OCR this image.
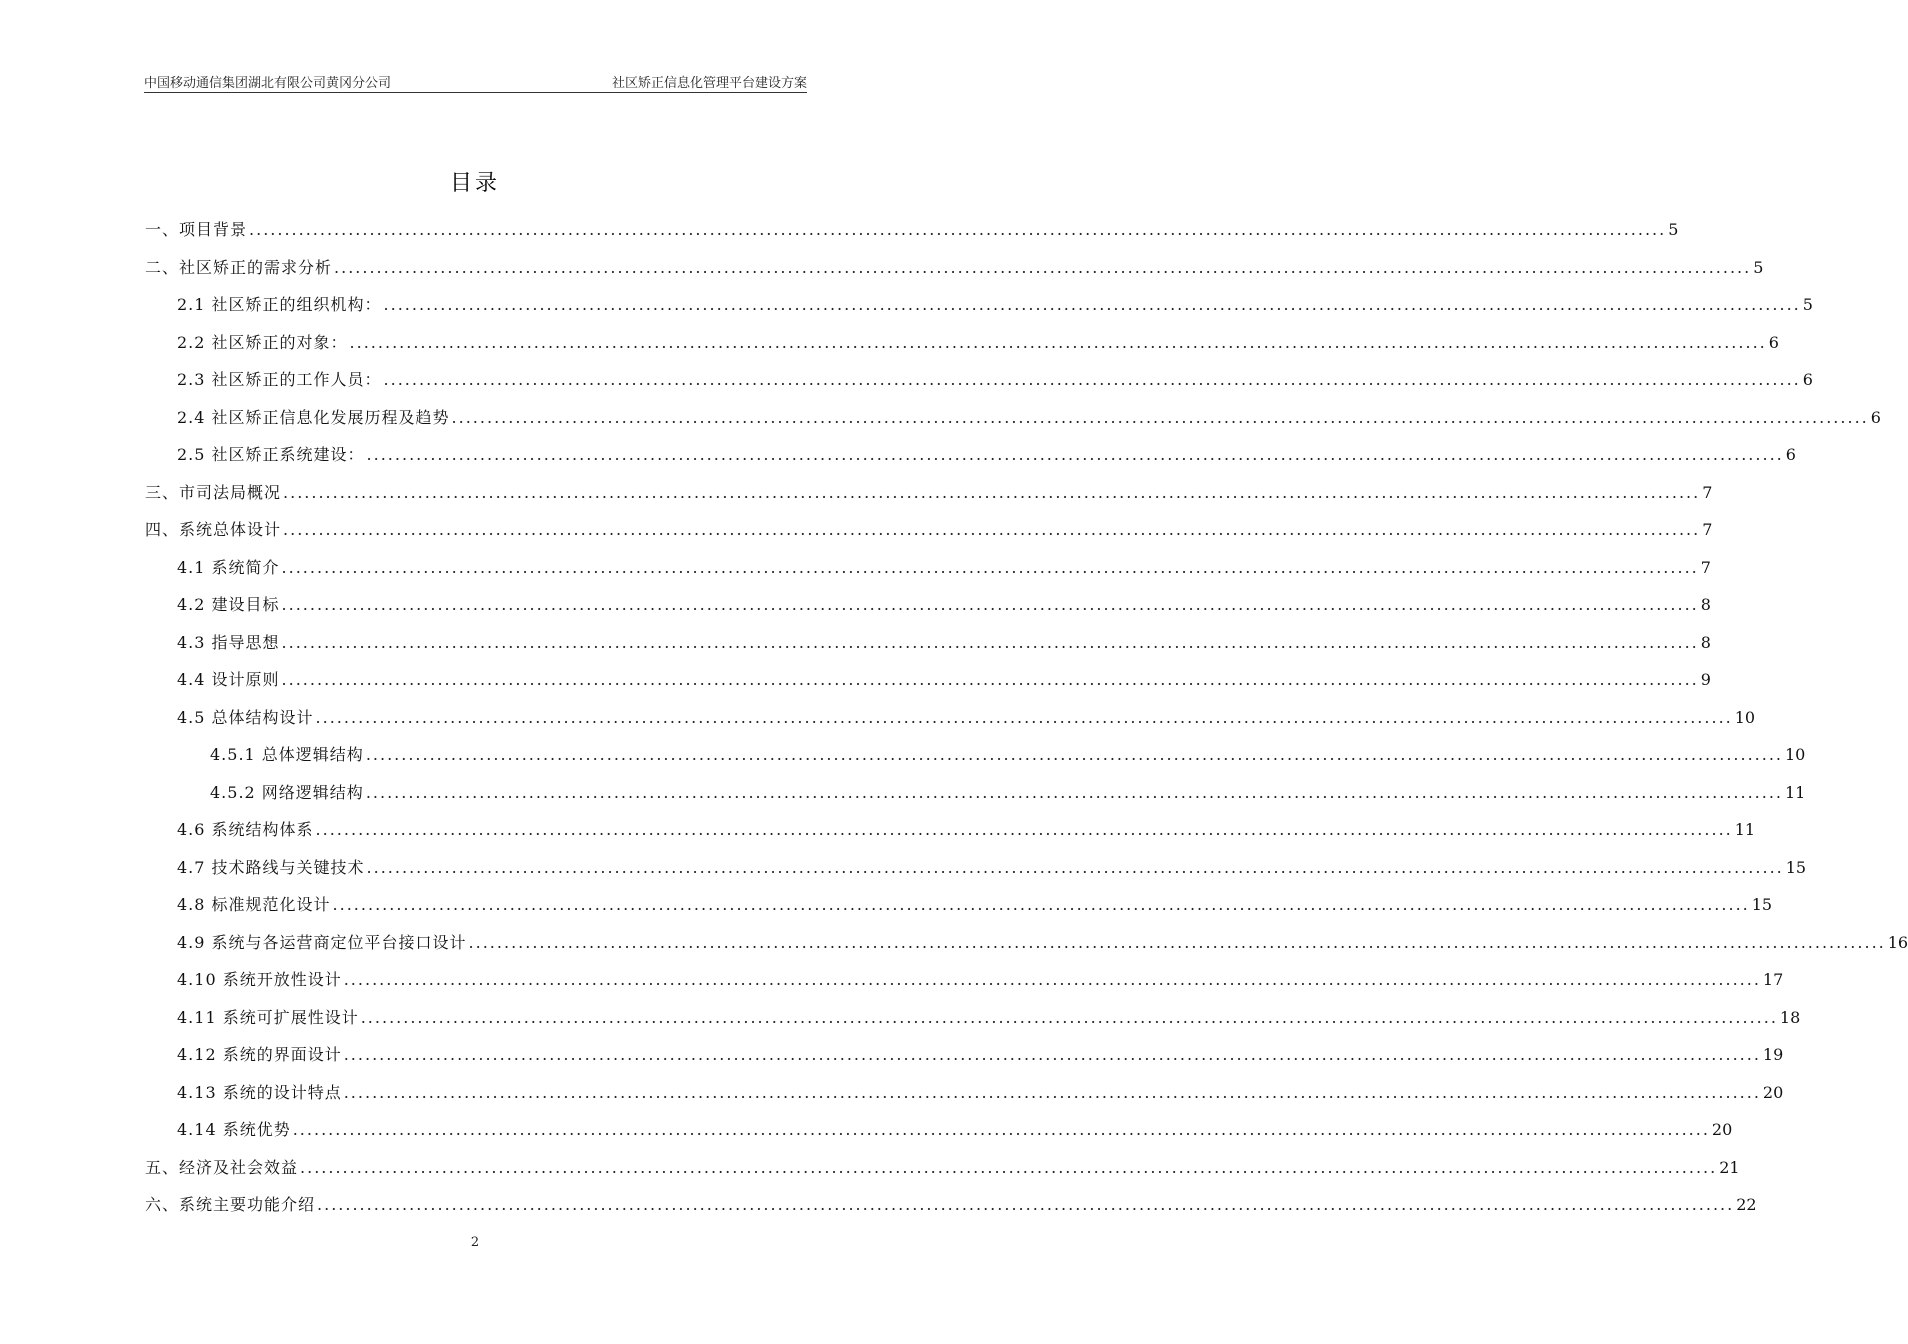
中国移动通信集团湖北有限公司黄冈分公司	社区矫正信息化管理平台建设方案
目录
一、项目背景 ........................................................................................................................................................................................................ 5
二、社区矫正的需求分析 ........................................................................................................................................................................................................ 5
2.1 社区矫正的组织机构： ........................................................................................................................................................................................................ 5
2.2 社区矫正的对象： ........................................................................................................................................................................................................ 6
2.3 社区矫正的工作人员： ........................................................................................................................................................................................................ 6
2.4 社区矫正信息化发展历程及趋势 ........................................................................................................................................................................................................ 6
2.5 社区矫正系统建设： ........................................................................................................................................................................................................ 6
三、市司法局概况 ........................................................................................................................................................................................................ 7
四、系统总体设计 ........................................................................................................................................................................................................ 7
4.1 系统简介 ........................................................................................................................................................................................................ 7
4.2 建设目标 ........................................................................................................................................................................................................ 8
4.3 指导思想 ........................................................................................................................................................................................................ 8
4.4 设计原则 ........................................................................................................................................................................................................ 9
4.5 总体结构设计 ........................................................................................................................................................................................................ 10
4.5.1 总体逻辑结构 ........................................................................................................................................................................................................ 10
4.5.2 网络逻辑结构 ........................................................................................................................................................................................................ 11
4.6 系统结构体系 ........................................................................................................................................................................................................ 11
4.7 技术路线与关键技术 ........................................................................................................................................................................................................ 15
4.8 标准规范化设计 ........................................................................................................................................................................................................ 15
4.9 系统与各运营商定位平台接口设计 ........................................................................................................................................................................................................ 16
4.10 系统开放性设计 ........................................................................................................................................................................................................ 17
4.11 系统可扩展性设计 ........................................................................................................................................................................................................ 18
4.12 系统的界面设计 ........................................................................................................................................................................................................ 19
4.13 系统的设计特点 ........................................................................................................................................................................................................ 20
4.14 系统优势 ........................................................................................................................................................................................................ 20
五、经济及社会效益 ........................................................................................................................................................................................................ 21
六、系统主要功能介绍 ........................................................................................................................................................................................................ 22
2
